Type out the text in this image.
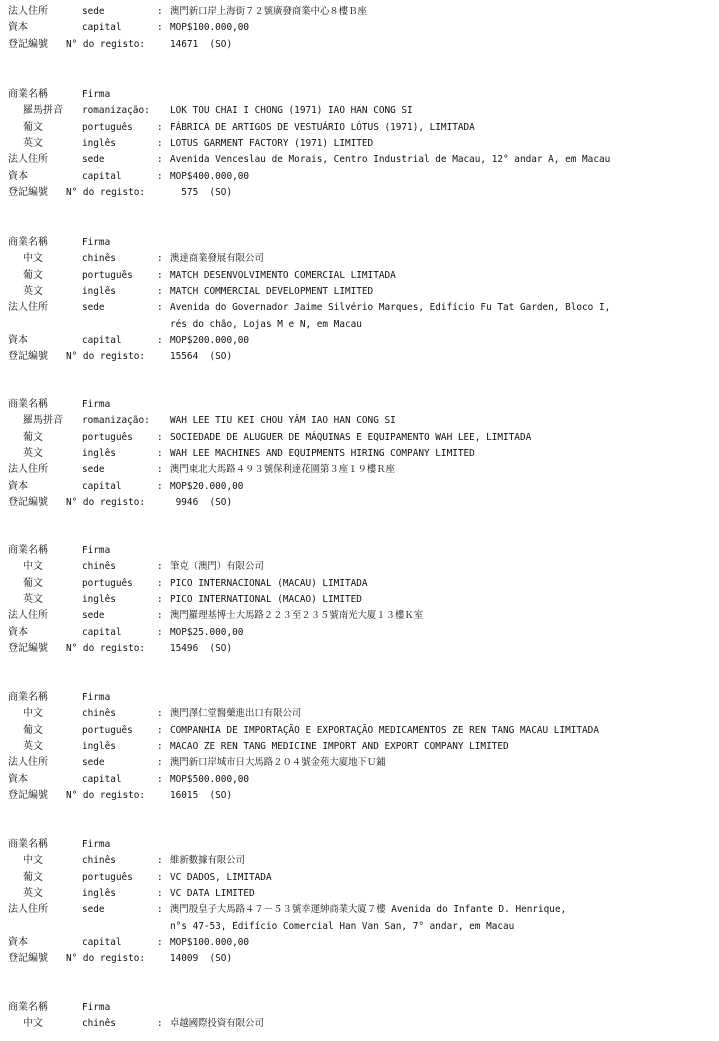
法人住所	sede	: 澳門新口岸上海街７２號廣發商業中心８樓Ｂ座
資本	capital	: MOP$100.000,00
登記編號 N° do registo:	14671  (SO)
商業名稱	Firma
羅馬拼音 romanização: LOK TOU CHAI I CHONG (1971) IAO HAN CONG SI
葡文	português	: FÁBRICA DE ARTIGOS DE VESTUÁRIO LÓTUS (1971), LIMITADA
英文	inglês	: LOTUS GARMENT FACTORY (1971) LIMITED
法人住所	sede	: Avenida Venceslau de Morais, Centro Industrial de Macau, 12° andar A, em Macau
資本	capital	: MOP$400.000,00
登記編號 N° do registo:	575  (SO)
商業名稱	Firma
中文	chinês	: 澳達商業發展有限公司
葡文	português	: MATCH DESENVOLVIMENTO COMERCIAL LIMITADA
英文	inglês	: MATCH COMMERCIAL DEVELOPMENT LIMITED
法人住所	sede	: Avenida do Governador Jaime Silvério Marques, Edifício Fu Tat Garden, Bloco I,
rés do chão, Lojas M e N, em Macau
資本	capital	: MOP$200.000,00
登記編號 N° do registo:	15564  (SO)
商業名稱	Firma
羅馬拼音 romanização: WAH LEE TIU KEI CHOU YÂM IAO HAN CONG SI
葡文	português	: SOCIEDADE DE ALUGUER DE MÁQUINAS E EQUIPAMENTO WAH LEE, LIMITADA
英文	inglês	: WAH LEE MACHINES AND EQUIPMENTS HIRING COMPANY LIMITED
法人住所	sede	: 澳門東北大馬路４９３號保利達花園第３座１９樓Ｒ座
資本	capital	: MOP$20.000,00
登記編號 N° do registo:	9946  (SO)
商業名稱	Firma
中文	chinês	: 筆克（澳門）有限公司
葡文	português	: PICO INTERNACIONAL (MACAU) LIMITADA
英文	inglês	: PICO INTERNATIONAL (MACAO) LIMITED
法人住所	sede	: 澳門羅理基博士大馬路２２３至２３５號南光大廈１３樓Ｋ室
資本	capital	: MOP$25.000,00
登記編號 N° do registo:	15496  (SO)
商業名稱	Firma
中文	chinês	: 澳門澤仁堂醫藥進出口有限公司
葡文	português	: COMPANHIA DE IMPORTAÇÃO E EXPORTAÇÃO MEDICAMENTOS ZE REN TANG MACAU LIMITADA
英文	inglês	: MACAO ZE REN TANG MEDICINE IMPORT AND EXPORT COMPANY LIMITED
法人住所	sede	: 澳門新口岸城市日大馬路２０４號金苑大廈地下Ｕ鋪
資本	capital	: MOP$500.000,00
登記編號 N° do registo:	16015  (SO)
商業名稱	Firma
中文	chinês	: 維新數據有限公司
葡文	português	: VC DADOS, LIMITADA
英文	inglês	: VC DATA LIMITED
法人住所	sede	: 澳門殷皇子大馬路４７－５３號幸運紳商業大廈７樓 Avenida do Infante D. Henrique,
n°s 47-53, Edifício Comercial Han Van San, 7° andar, em Macau
資本	capital	: MOP$100.000,00
登記編號 N° do registo:	14009  (SO)
商業名稱	Firma
中文	chinês	: 卓越國際投資有限公司
